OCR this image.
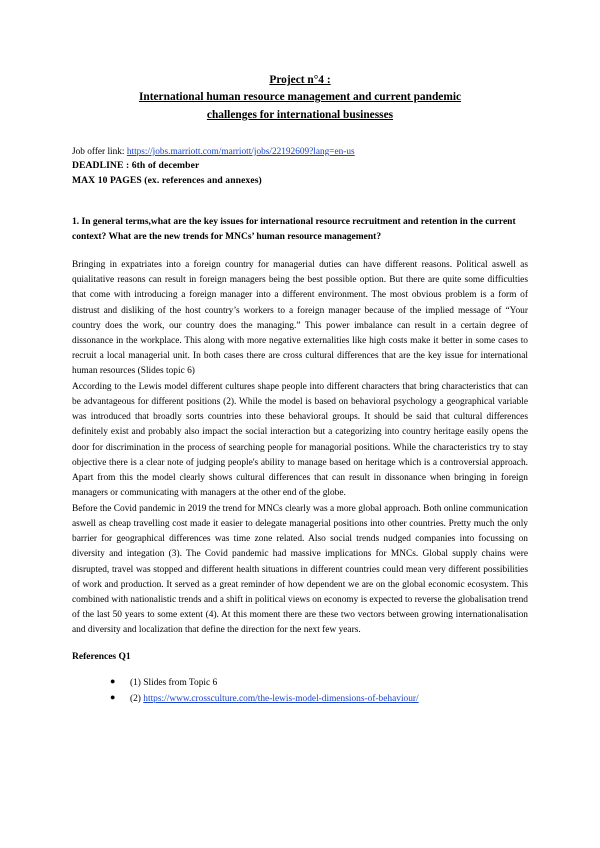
Project n°4 :
International human resource management and current pandemic
challenges for international businesses
Job offer link: https://jobs.marriott.com/marriott/jobs/22192609?lang=en-us
DEADLINE : 6th of december
MAX 10 PAGES (ex. references and annexes)

1. In general terms,what are the key issues for international resource recruitment and retention in the current context? What are the new trends for MNCs’ human resource management?

Bringing in expatriates into a foreign country for managerial duties can have different reasons. Political aswell as quialitative reasons can result in foreign managers being the best possible option. But there are quite some difficulties that come with introducing a foreign manager into a different environment. The most obvious problem is a form of distrust and disliking of the host country’s workers to a foreign manager because of the implied message of “Your country does the work, our country does the managing.” This power imbalance can result in a certain degree of dissonance in the workplace. This along with more negative externalities like high costs make it better in some cases to recruit a local managerial unit. In both cases there are cross cultural differences that are the key issue for international human resources (Slides topic 6)

According to the Lewis model different cultures shape people into different characters that bring characteristics that can be advantageous for different positions (2). While the model is based on behavioral psychology a geographical variable was introduced that broadly sorts countries into these behavioral groups. It should be said that cultural differences definitely exist and probably also impact the social interaction but a categorizing into country heritage easily opens the door for discrimination in the process of searching people for managorial positions. While the characteristics try to stay objective there is a clear note of judging people's ability to manage based on heritage which is a controversial approach. Apart from this the model clearly shows cultural differences that can result in dissonance when bringing in foreign managers or communicating with managers at the other end of the globe.

Before the Covid pandemic in 2019 the trend for MNCs clearly was a more global approach. Both online communication aswell as cheap travelling cost made it easier to delegate managerial positions into other countries. Pretty much the only barrier for geographical differences was time zone related. Also social trends nudged companies into focussing on diversity and integation (3). The Covid pandemic had massive implications for MNCs. Global supply chains were disrupted, travel was stopped and different health situations in different countries could mean very different possibilities of work and production. It served as a great reminder of how dependent we are on the global economic ecosystem. This combined with nationalistic trends and a shift in political views on economy is expected to reverse the globalisation trend of the last 50 years to some extent (4). At this moment there are these two vectors between growing internationalisation and diversity and localization that define the direction for the next few years.

References Q1

● (1) Slides from Topic 6
● (2) https://www.crossculture.com/the-lewis-model-dimensions-of-behaviour/
